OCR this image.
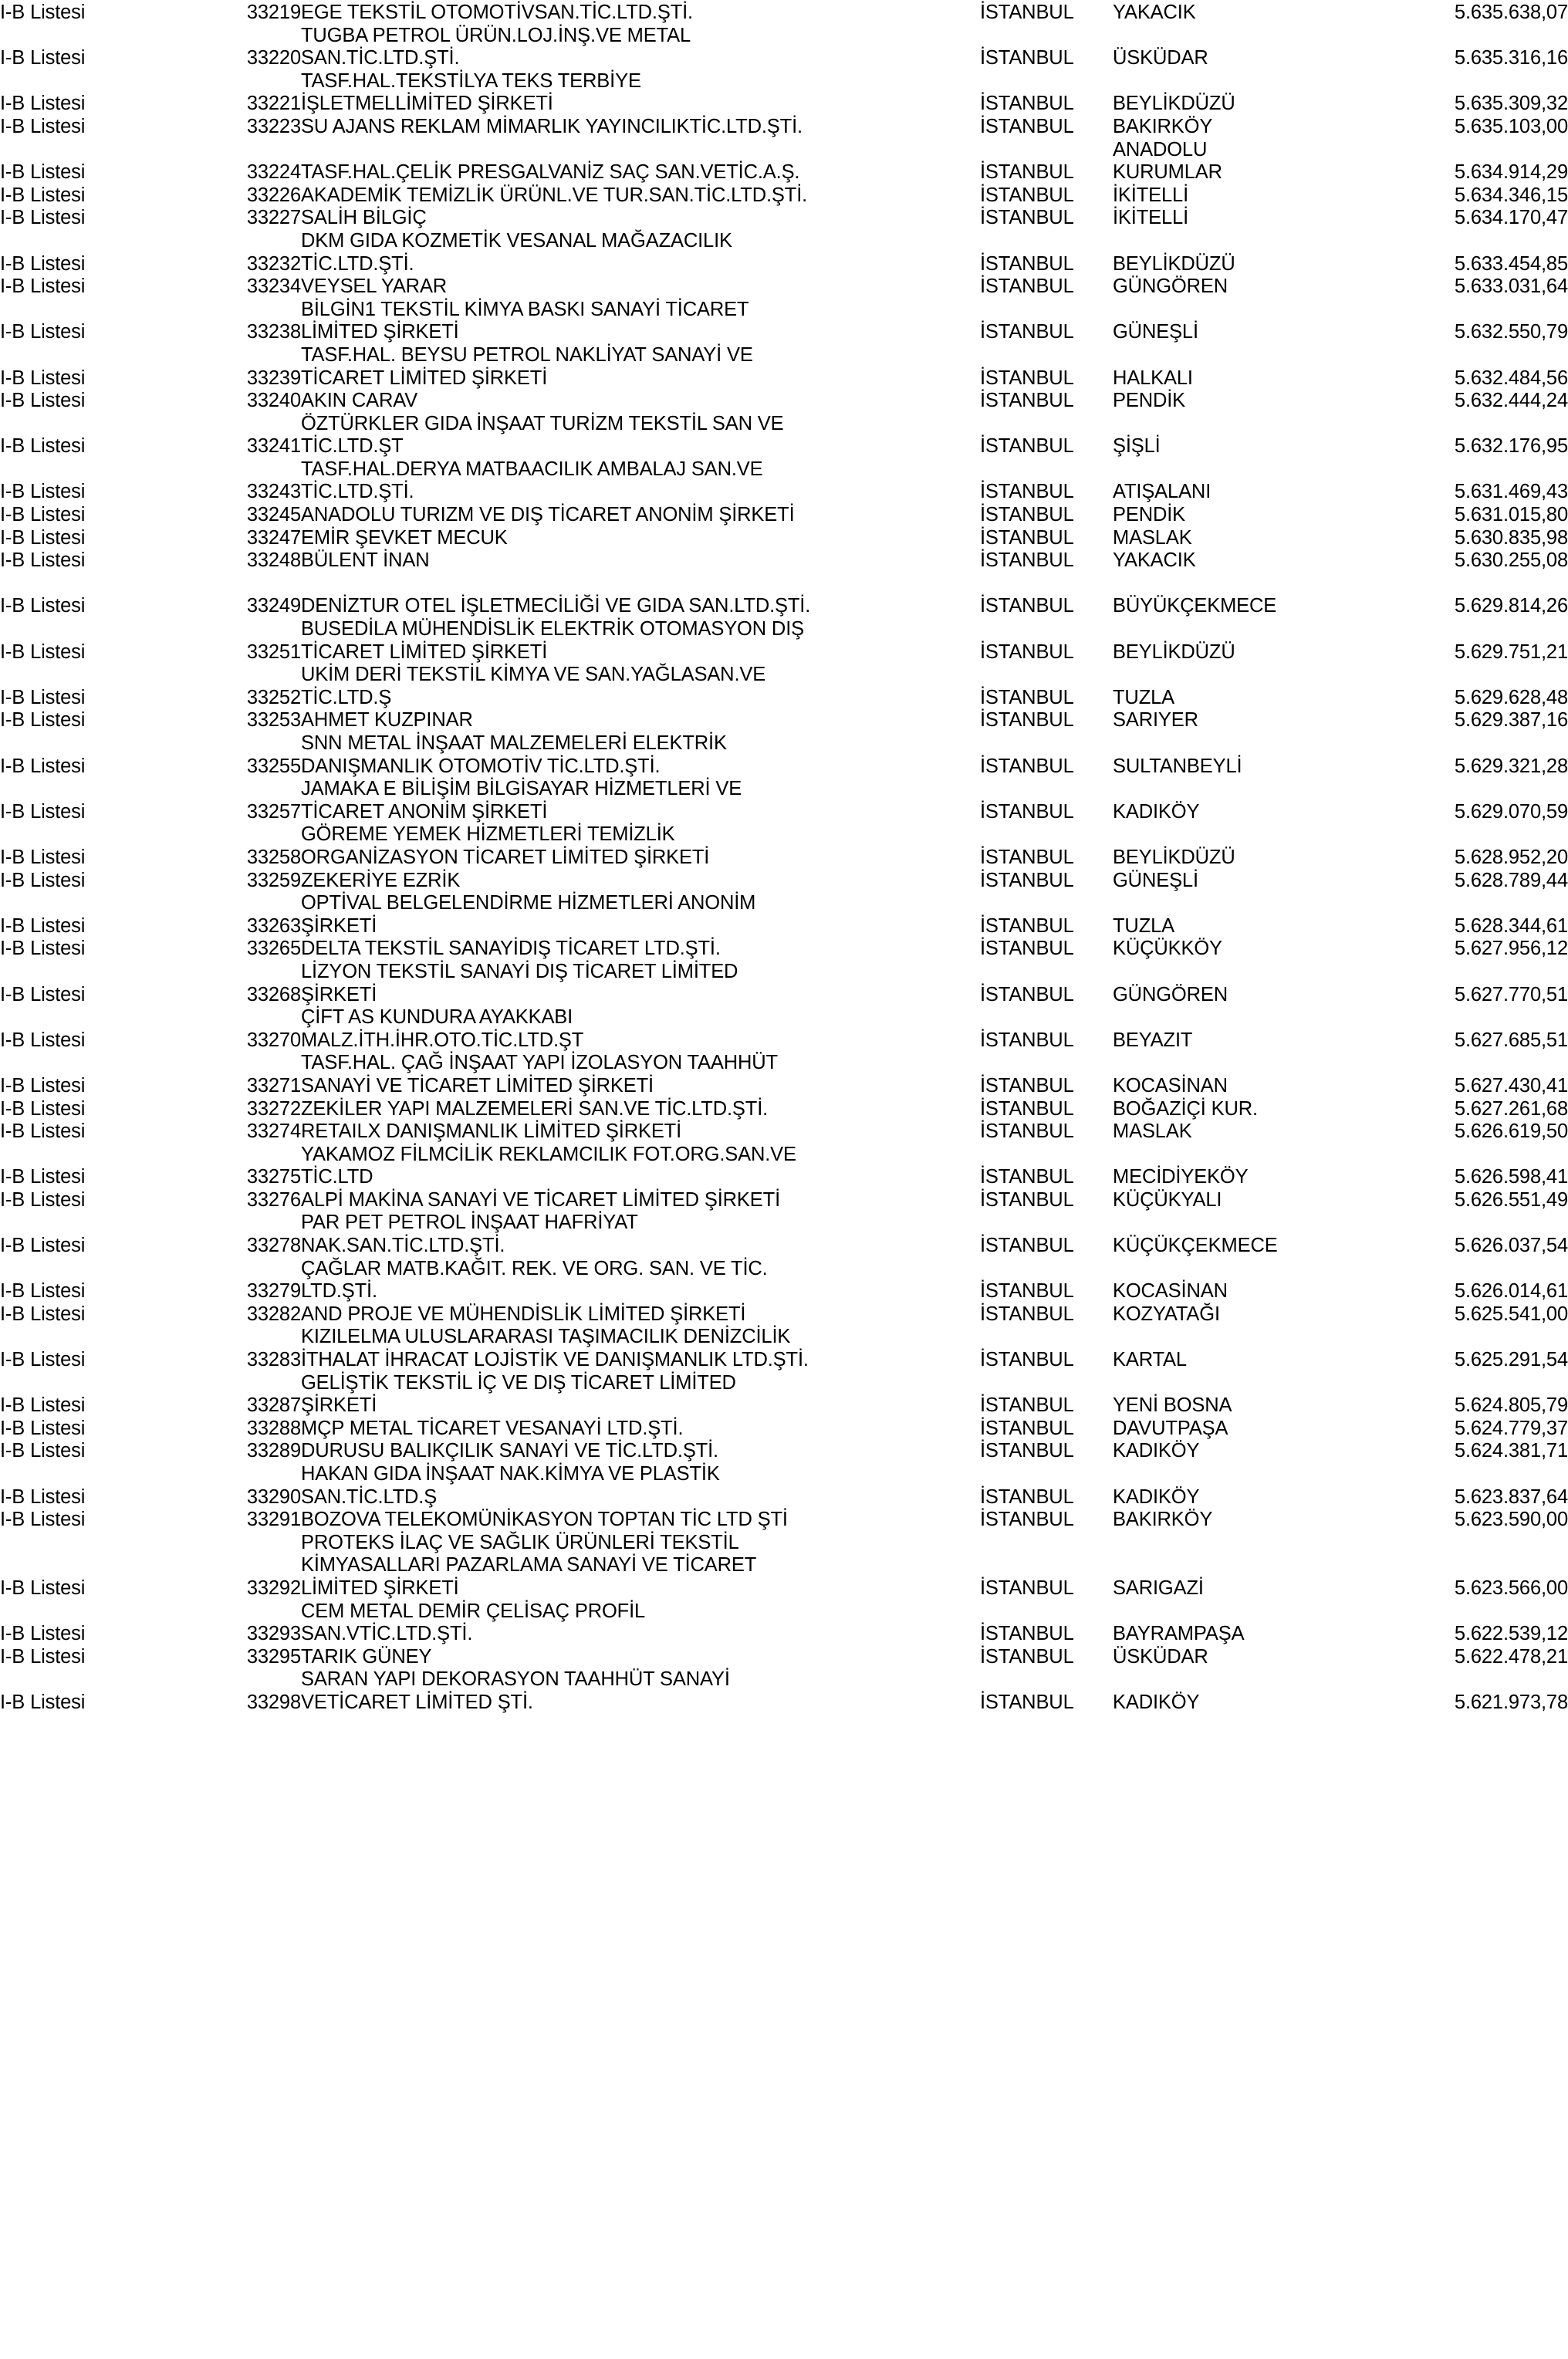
I-B Listesi	33219	EGE TEKSTİL OTOMOTİVSAN.TİC.LTD.ŞTİ.	İSTANBUL	YAKACIK	5.635.638,07
		TUGBA PETROL ÜRÜN.LOJ.İNŞ.VE METAL			
I-B Listesi	33220	SAN.TİC.LTD.ŞTİ.	İSTANBUL	ÜSKÜDAR	5.635.316,16
		TASF.HAL.TEKSTİLYA TEKS TERBİYE			
I-B Listesi	33221	İŞLETMELLİMİTED ŞİRKETİ	İSTANBUL	BEYLİKDÜZÜ	5.635.309,32
I-B Listesi	33223	SU AJANS REKLAM MİMARLIK YAYINCILIKTİC.LTD.ŞTİ.	İSTANBUL	BAKIRKÖY	5.635.103,00
				ANADOLU	
I-B Listesi	33224	TASF.HAL.ÇELİK PRESGALVANİZ SAÇ SAN.VETİC.A.Ş.	İSTANBUL	KURUMLAR	5.634.914,29
I-B Listesi	33226	AKADEMİK TEMİZLİK ÜRÜNL.VE TUR.SAN.TİC.LTD.ŞTİ.	İSTANBUL	İKİTELLİ	5.634.346,15
I-B Listesi	33227	SALİH BİLGİÇ	İSTANBUL	İKİTELLİ	5.634.170,47
		DKM GIDA KOZMETİK VESANAL MAĞAZACILIK			
I-B Listesi	33232	TİC.LTD.ŞTİ.	İSTANBUL	BEYLİKDÜZÜ	5.633.454,85
I-B Listesi	33234	VEYSEL YARAR	İSTANBUL	GÜNGÖREN	5.633.031,64
		BİLGİN1 TEKSTİL KİMYA BASKI SANAYİ TİCARET			
I-B Listesi	33238	LİMİTED ŞİRKETİ	İSTANBUL	GÜNEŞLİ	5.632.550,79
		TASF.HAL. BEYSU PETROL NAKLİYAT SANAYİ VE			
I-B Listesi	33239	TİCARET LİMİTED ŞİRKETİ	İSTANBUL	HALKALI	5.632.484,56
I-B Listesi	33240	AKIN CARAV	İSTANBUL	PENDİK	5.632.444,24
		ÖZTÜRKLER GIDA İNŞAAT TURİZM TEKSTİL SAN VE			
I-B Listesi	33241	TİC.LTD.ŞT	İSTANBUL	ŞİŞLİ	5.632.176,95
		TASF.HAL.DERYA MATBAACILIK AMBALAJ SAN.VE			
I-B Listesi	33243	TİC.LTD.ŞTİ.	İSTANBUL	ATIŞALANI	5.631.469,43
I-B Listesi	33245	ANADOLU TURIZM VE DIŞ TİCARET ANONİM ŞİRKETİ	İSTANBUL	PENDİK	5.631.015,80
I-B Listesi	33247	EMİR ŞEVKET MECUK	İSTANBUL	MASLAK	5.630.835,98
I-B Listesi	33248	BÜLENT İNAN	İSTANBUL	YAKACIK	5.630.255,08

I-B Listesi	33249	DENİZTUR OTEL İŞLETMECİLİĞİ VE GIDA SAN.LTD.ŞTİ.	İSTANBUL	BÜYÜKÇEKMECE	5.629.814,26
		BUSEDİLA MÜHENDİSLİK ELEKTRİK OTOMASYON DIŞ			
I-B Listesi	33251	TİCARET LİMİTED ŞİRKETİ	İSTANBUL	BEYLİKDÜZÜ	5.629.751,21
		UKİM DERİ TEKSTİL KİMYA VE SAN.YAĞLASAN.VE			
I-B Listesi	33252	TİC.LTD.Ş	İSTANBUL	TUZLA	5.629.628,48
I-B Listesi	33253	AHMET KUZPINAR	İSTANBUL	SARIYER	5.629.387,16
		SNN METAL İNŞAAT MALZEMELERİ ELEKTRİK			
I-B Listesi	33255	DANIŞMANLIK OTOMOTİV TİC.LTD.ŞTİ.	İSTANBUL	SULTANBEYLİ	5.629.321,28
		JAMAKA E BİLİŞİM BİLGİSAYAR HİZMETLERİ VE			
I-B Listesi	33257	TİCARET ANONİM ŞİRKETİ	İSTANBUL	KADIKÖY	5.629.070,59
		GÖREME YEMEK HİZMETLERİ TEMİZLİK			
I-B Listesi	33258	ORGANİZASYON TİCARET LİMİTED ŞİRKETİ	İSTANBUL	BEYLİKDÜZÜ	5.628.952,20
I-B Listesi	33259	ZEKERİYE EZRİK	İSTANBUL	GÜNEŞLİ	5.628.789,44
		OPTİVAL BELGELENDİRME HİZMETLERİ ANONİM			
I-B Listesi	33263	ŞİRKETİ	İSTANBUL	TUZLA	5.628.344,61
I-B Listesi	33265	DELTA TEKSTİL SANAYİDIŞ TİCARET LTD.ŞTİ.	İSTANBUL	KÜÇÜKKÖY	5.627.956,12
		LİZYON TEKSTİL SANAYİ DIŞ TİCARET LİMİTED			
I-B Listesi	33268	ŞİRKETİ	İSTANBUL	GÜNGÖREN	5.627.770,51
		ÇİFT AS KUNDURA AYAKKABI			
I-B Listesi	33270	MALZ.İTH.İHR.OTO.TİC.LTD.ŞT	İSTANBUL	BEYAZIT	5.627.685,51
		TASF.HAL. ÇAĞ İNŞAAT YAPI İZOLASYON TAAHHÜT			
I-B Listesi	33271	SANAYİ VE TİCARET LİMİTED ŞİRKETİ	İSTANBUL	KOCASİNAN	5.627.430,41
I-B Listesi	33272	ZEKİLER YAPI MALZEMELERİ SAN.VE TİC.LTD.ŞTİ.	İSTANBUL	BOĞAZİÇİ KUR.	5.627.261,68
I-B Listesi	33274	RETAILX DANIŞMANLIK LİMİTED ŞİRKETİ	İSTANBUL	MASLAK	5.626.619,50
		YAKAMOZ FİLMCİLİK REKLAMCILIK FOT.ORG.SAN.VE			
I-B Listesi	33275	TİC.LTD	İSTANBUL	MECİDİYEKÖY	5.626.598,41
I-B Listesi	33276	ALPİ MAKİNA SANAYİ VE TİCARET LİMİTED ŞİRKETİ	İSTANBUL	KÜÇÜKYALI	5.626.551,49
		PAR PET PETROL İNŞAAT HAFRİYAT			
I-B Listesi	33278	NAK.SAN.TİC.LTD.ŞTİ.	İSTANBUL	KÜÇÜKÇEKMECE	5.626.037,54
		ÇAĞLAR MATB.KAĞIT. REK. VE ORG. SAN. VE TİC.			
I-B Listesi	33279	LTD.ŞTİ.	İSTANBUL	KOCASİNAN	5.626.014,61
I-B Listesi	33282	AND PROJE VE MÜHENDİSLİK LİMİTED ŞİRKETİ	İSTANBUL	KOZYATAĞI	5.625.541,00
		KIZILELMA ULUSLARARASI TAŞIMACILIK DENİZCİLİK			
I-B Listesi	33283	İTHALAT İHRACAT LOJİSTİK VE DANIŞMANLIK LTD.ŞTİ.	İSTANBUL	KARTAL	5.625.291,54
		GELİŞTİK TEKSTİL İÇ VE DIŞ TİCARET LİMİTED			
I-B Listesi	33287	ŞİRKETİ	İSTANBUL	YENİ BOSNA	5.624.805,79
I-B Listesi	33288	MÇP METAL TİCARET VESANAYİ LTD.ŞTİ.	İSTANBUL	DAVUTPAŞA	5.624.779,37
I-B Listesi	33289	DURUSU BALIKÇILIK SANAYİ VE TİC.LTD.ŞTİ.	İSTANBUL	KADIKÖY	5.624.381,71
		HAKAN GIDA İNŞAAT NAK.KİMYA VE PLASTİK			
I-B Listesi	33290	SAN.TİC.LTD.Ş	İSTANBUL	KADIKÖY	5.623.837,64
I-B Listesi	33291	BOZOVA TELEKOMÜNİKASYON TOPTAN TİC LTD ŞTİ	İSTANBUL	BAKIRKÖY	5.623.590,00
		PROTEKS İLAÇ VE SAĞLIK ÜRÜNLERİ TEKSTİL			
		KİMYASALLARI PAZARLAMA SANAYİ VE TİCARET			
I-B Listesi	33292	LİMİTED ŞİRKETİ	İSTANBUL	SARIGAZİ	5.623.566,00
		CEM METAL DEMİR ÇELİSAÇ PROFİL			
I-B Listesi	33293	SAN.VTİC.LTD.ŞTİ.	İSTANBUL	BAYRAMPAŞA	5.622.539,12
I-B Listesi	33295	TARIK GÜNEY	İSTANBUL	ÜSKÜDAR	5.622.478,21
		SARAN YAPI DEKORASYON TAAHHÜT SANAYİ			
I-B Listesi	33298	VETİCARET LİMİTED ŞTİ.	İSTANBUL	KADIKÖY	5.621.973,78
